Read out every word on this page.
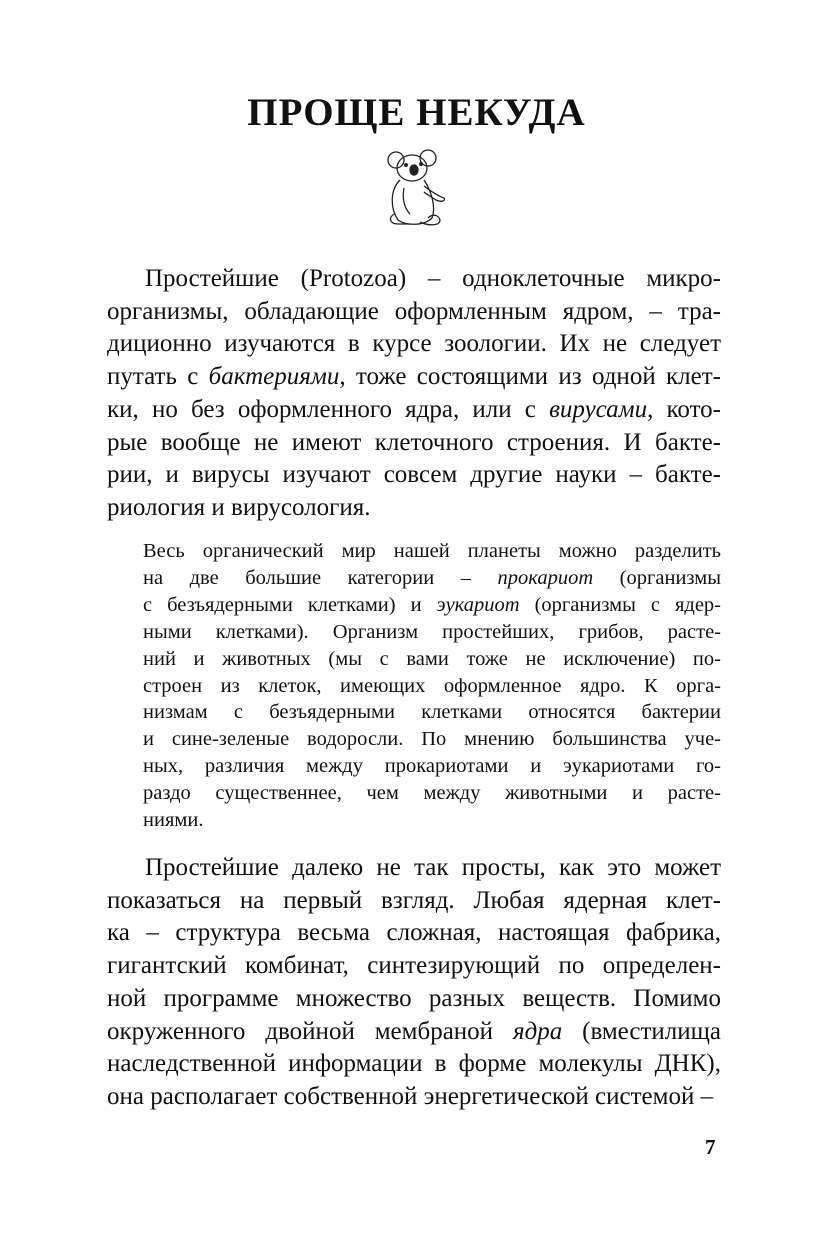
ПРОЩЕ НЕКУДА
Простейшие (Protozoa) – одноклеточные микро-
организмы, обладающие оформленным ядром, – тра-
диционно изучаются в курсе зоологии. Их не следует
путать с бактериями, тоже состоящими из одной клет-
ки, но без оформленного ядра, или с вирусами, кото-
рые вообще не имеют клеточного строения. И бакте-
рии, и вирусы изучают совсем другие науки – бакте-
риология и вирусология.
Весь органический мир нашей планеты можно разделить
на две большие категории – прокариот (организмы
с безъядерными клетками) и эукариот (организмы с ядер-
ными клетками). Организм простейших, грибов, расте-
ний и животных (мы с вами тоже не исключение) по-
строен из клеток, имеющих оформленное ядро. К орга-
низмам с безъядерными клетками относятся бактерии
и сине-зеленые водоросли. По мнению большинства уче-
ных, различия между прокариотами и эукариотами го-
раздо существеннее, чем между животными и расте-
ниями.
Простейшие далеко не так просты, как это может
показаться на первый взгляд. Любая ядерная клет-
ка – структура весьма сложная, настоящая фабрика,
гигантский комбинат, синтезирующий по определен-
ной программе множество разных веществ. Помимо
окруженного двойной мембраной ядра (вместилища
наследственной информации в форме молекулы ДНК),
она располагает собственной энергетической системой –
7
